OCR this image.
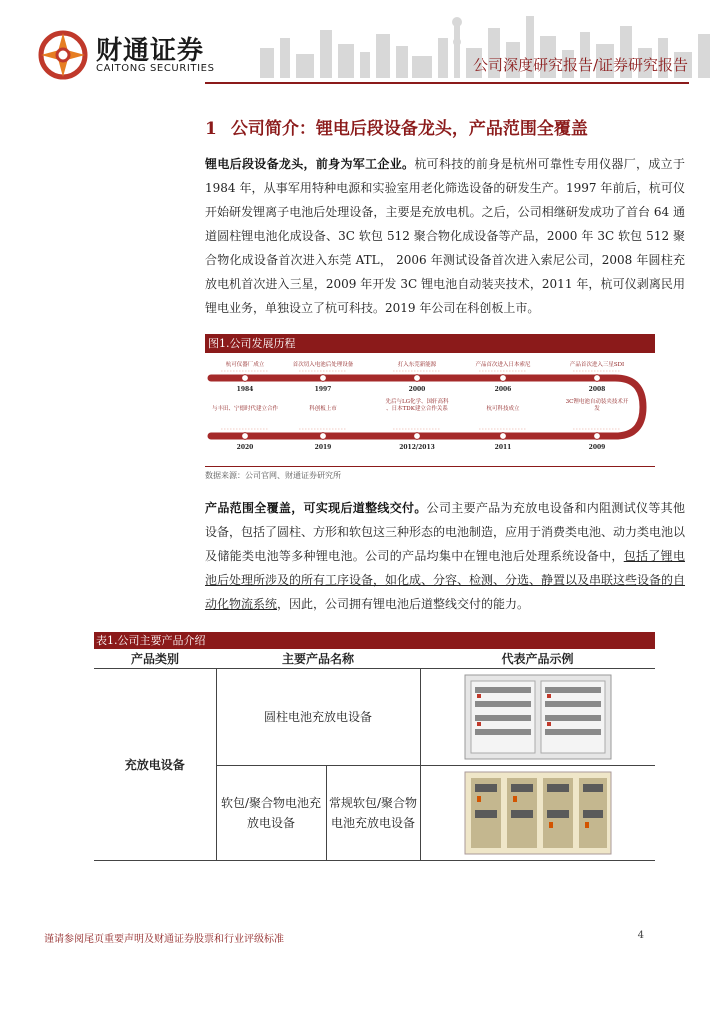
财通证券
CAITONG SECURITIES	公司深度研究报告/证券研究报告
1 公司简介：锂电后段设备龙头，产品范围全覆盖
锂电后段设备龙头，前身为军工企业。杭可科技的前身是杭州可靠性专用仪器厂，成立于 1984 年，从事军用特种电源和实验室用老化筛选设备的研发生产。1997 年前后，杭可仪开始研发锂离子电池后处理设备，主要是充放电机。之后，公司相继研发成功了首台 64 通道圆柱锂电池化成设备、3C 软包 512 聚合物化成设备等产品，2000 年 3C 软包 512 聚合物化成设备首次进入东莞 ATL， 2006 年测试设备首次进入索尼公司，2008 年圆柱充放电机首次进入三星，2009 年开发 3C 锂电池自动装夹技术，2011 年，杭可仪剥离民用锂电业务，单独设立了杭可科技。2019 年公司在科创板上市。
图1.公司发展历程
杭可仪器厂成立
1984
首次切入电池后处理设备
1997
打入东莞新能源
2000
产品首次进入日本索尼
2006
产品首次进入三星SDI
2008
与丰田、宁德时代建立合作
2020
科创板上市
2019
先后与LG化学、国轩高科、日本TDK建立合作关系
2012/2013
杭可科技成立
2011
3C锂电池自动装夹技术开发
2009
数据来源：公司官网、财通证券研究所
产品范围全覆盖，可实现后道整线交付。公司主要产品为充放电设备和内阻测试仪等其他设备，包括了圆柱、方形和软包这三种形态的电池制造，应用于消费类电池、动力类电池以及储能类电池等多种锂电池。公司的产品均集中在锂电池后处理系统设备中，包括了锂电池后处理所涉及的所有工序设备，如化成、分容、检测、分选、静置以及串联这些设备的自动化物流系统，因此，公司拥有锂电池后道整线交付的能力。
表1.公司主要产品介绍
产品类别	主要产品名称		代表产品示例
充放电设备	圆柱电池充放电设备	

	软包/聚合物电池充放电设备	常规软包/聚合物电池充放电设备	
谨请参阅尾页重要声明及财通证券股票和行业评级标准	4
